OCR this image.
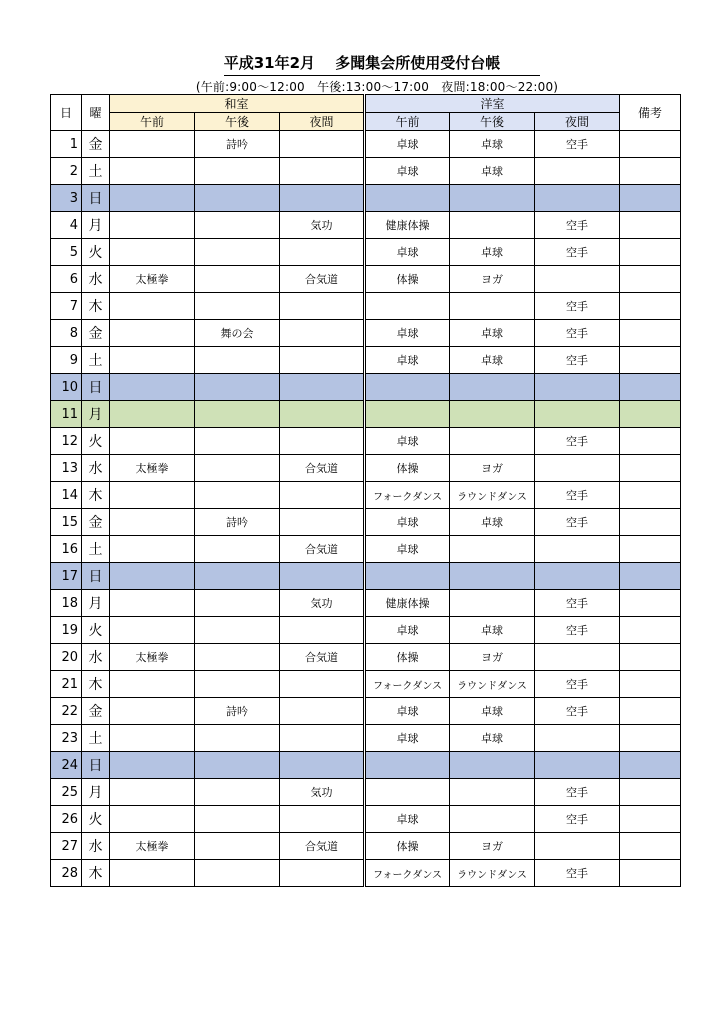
平成31年2月　 多聞集会所使用受付台帳
(午前:9:00～12:00　午後:13:00～17:00　夜間:18:00～22:00)
日	曜	和室			洋室			備考
		午前	午後	夜間	午前	午後	夜間	
1	金		詩吟		卓球	卓球	空手	
2	土				卓球	卓球		
3	日							
4	月			気功	健康体操		空手	
5	火				卓球	卓球	空手	
6	水	太極拳		合気道	体操	ヨガ		
7	木						空手	
8	金		舞の会		卓球	卓球	空手	
9	土				卓球	卓球	空手	
10	日							
11	月							
12	火				卓球		空手	
13	水	太極拳		合気道	体操	ヨガ		
14	木				フォークダンス	ラウンドダンス	空手	
15	金		詩吟		卓球	卓球	空手	
16	土			合気道	卓球			
17	日							
18	月			気功	健康体操		空手	
19	火				卓球	卓球	空手	
20	水	太極拳		合気道	体操	ヨガ		
21	木				フォークダンス	ラウンドダンス	空手	
22	金		詩吟		卓球	卓球	空手	
23	土				卓球	卓球		
24	日							
25	月			気功			空手	
26	火				卓球		空手	
27	水	太極拳		合気道	体操	ヨガ		
28	木				フォークダンス	ラウンドダンス	空手	
